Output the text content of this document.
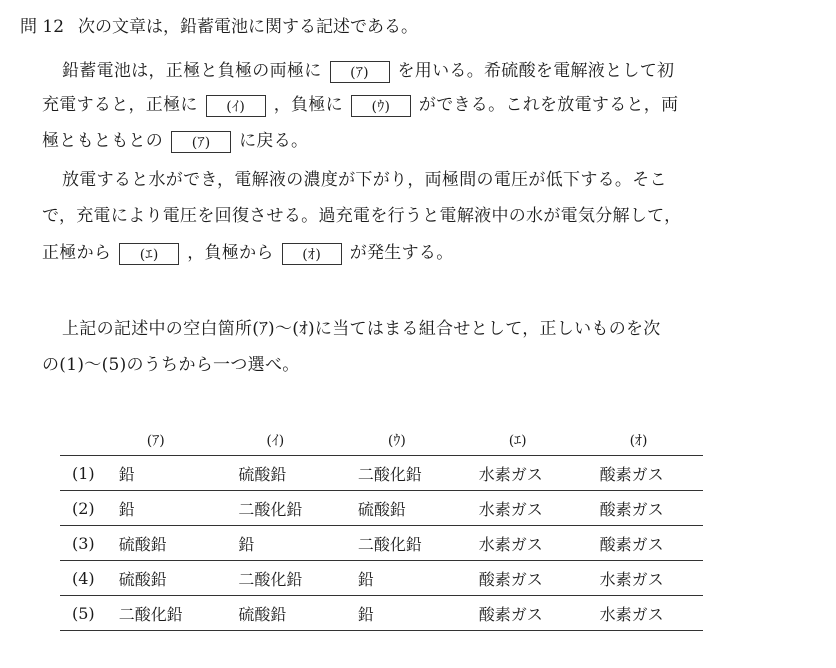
問 12 次の文章は，鉛蓄電池に関する記述である。
鉛蓄電池は，正極と負極の両極に (ｱ) を用いる。希硫酸を電解液として初
充電すると，正極に (ｲ) ，負極に (ｳ) ができる。これを放電すると，両
極ともともとの (ｱ) に戻る。
放電すると水ができ，電解液の濃度が下がり，両極間の電圧が低下する。そこ
で，充電により電圧を回復させる。過充電を行うと電解液中の水が電気分解して，
正極から (ｴ) ，負極から (ｵ) が発生する。
上記の記述中の空白箇所(ｱ)～(ｵ)に当てはまる組合せとして，正しいものを次
の(1)～(5)のうちから一つ選べ。
	(ｱ)	(ｲ)	(ｳ)	(ｴ)	(ｵ)
(1)	鉛	硫酸鉛	二酸化鉛	水素ガス	酸素ガス
(2)	鉛	二酸化鉛	硫酸鉛	水素ガス	酸素ガス
(3)	硫酸鉛	鉛	二酸化鉛	水素ガス	酸素ガス
(4)	硫酸鉛	二酸化鉛	鉛	酸素ガス	水素ガス
(5)	二酸化鉛	硫酸鉛	鉛	酸素ガス	水素ガス
